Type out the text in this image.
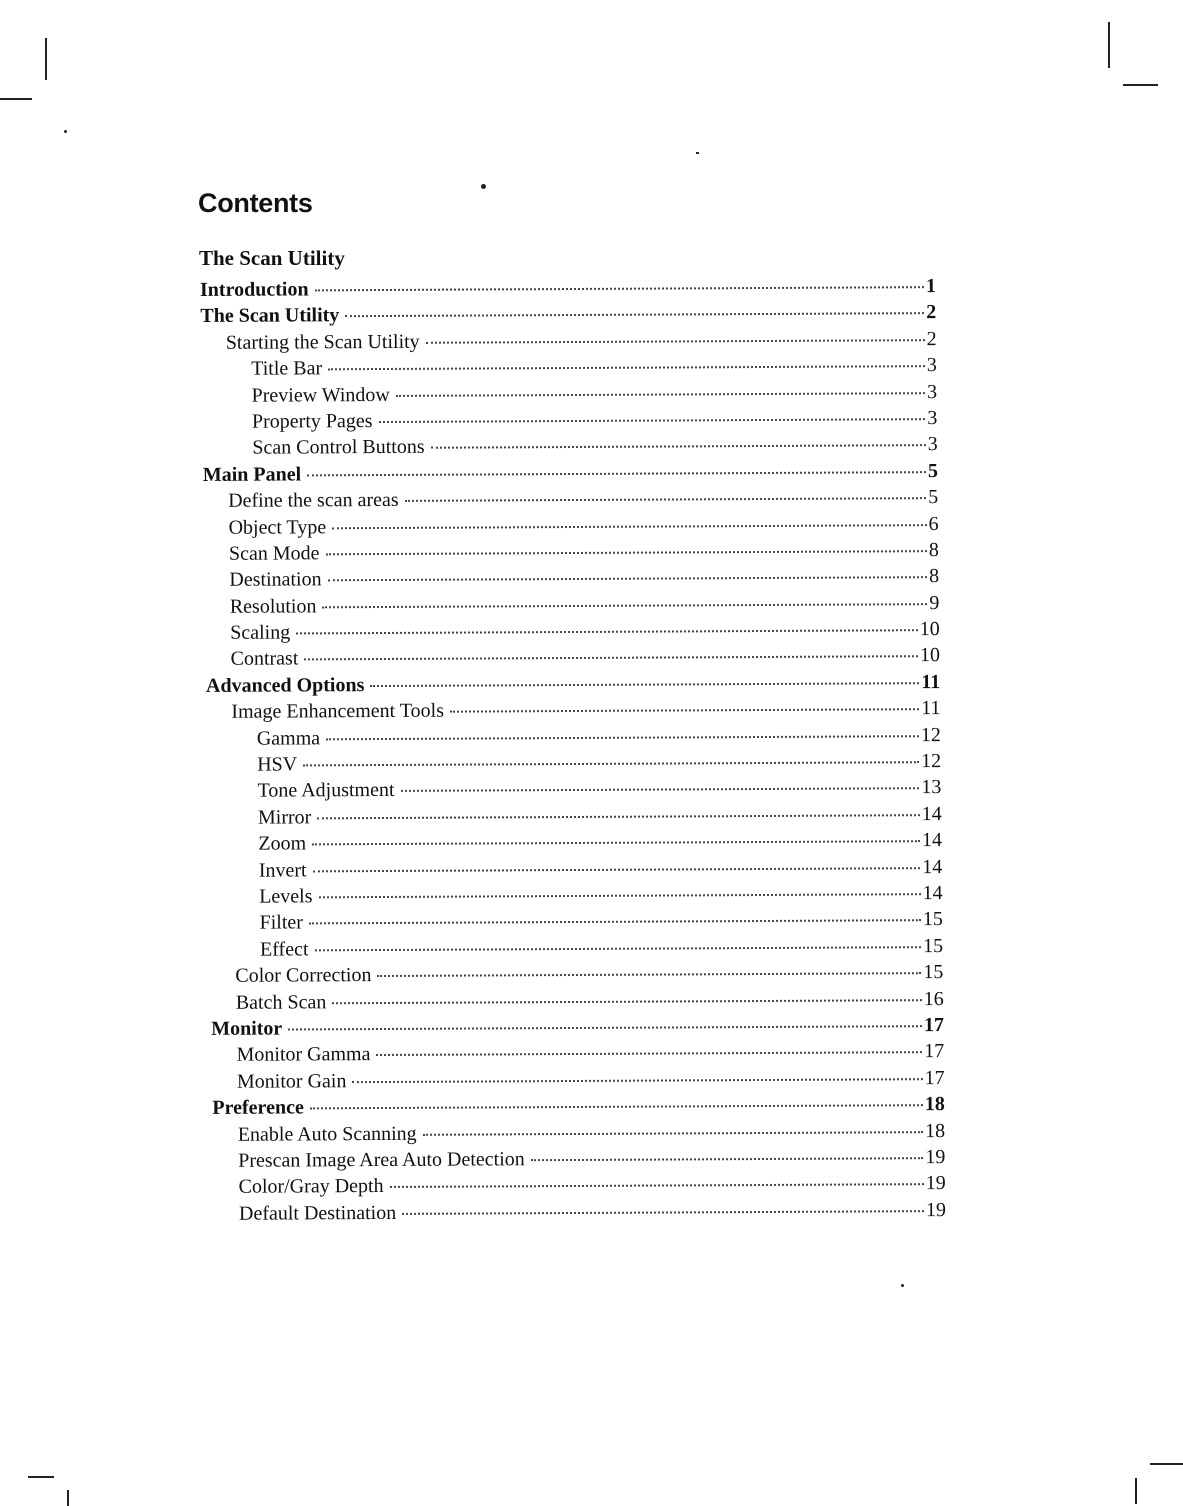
Contents
The Scan Utility
Introduction	1
The Scan Utility	2
Starting the Scan Utility	2
Title Bar	3
Preview Window	3
Property Pages	3
Scan Control Buttons	3
Main Panel	5
Define the scan areas	5
Object Type	6
Scan Mode	8
Destination	8
Resolution	9
Scaling	10
Contrast	10
Advanced Options	11
Image Enhancement Tools	11
Gamma	12
HSV	12
Tone Adjustment	13
Mirror	14
Zoom	14
Invert	14
Levels	14
Filter	15
Effect	15
Color Correction	15
Batch Scan	16
Monitor	17
Monitor Gamma	17
Monitor Gain	17
Preference	18
Enable Auto Scanning	18
Prescan Image Area Auto Detection	19
Color/Gray Depth	19
Default Destination	19
